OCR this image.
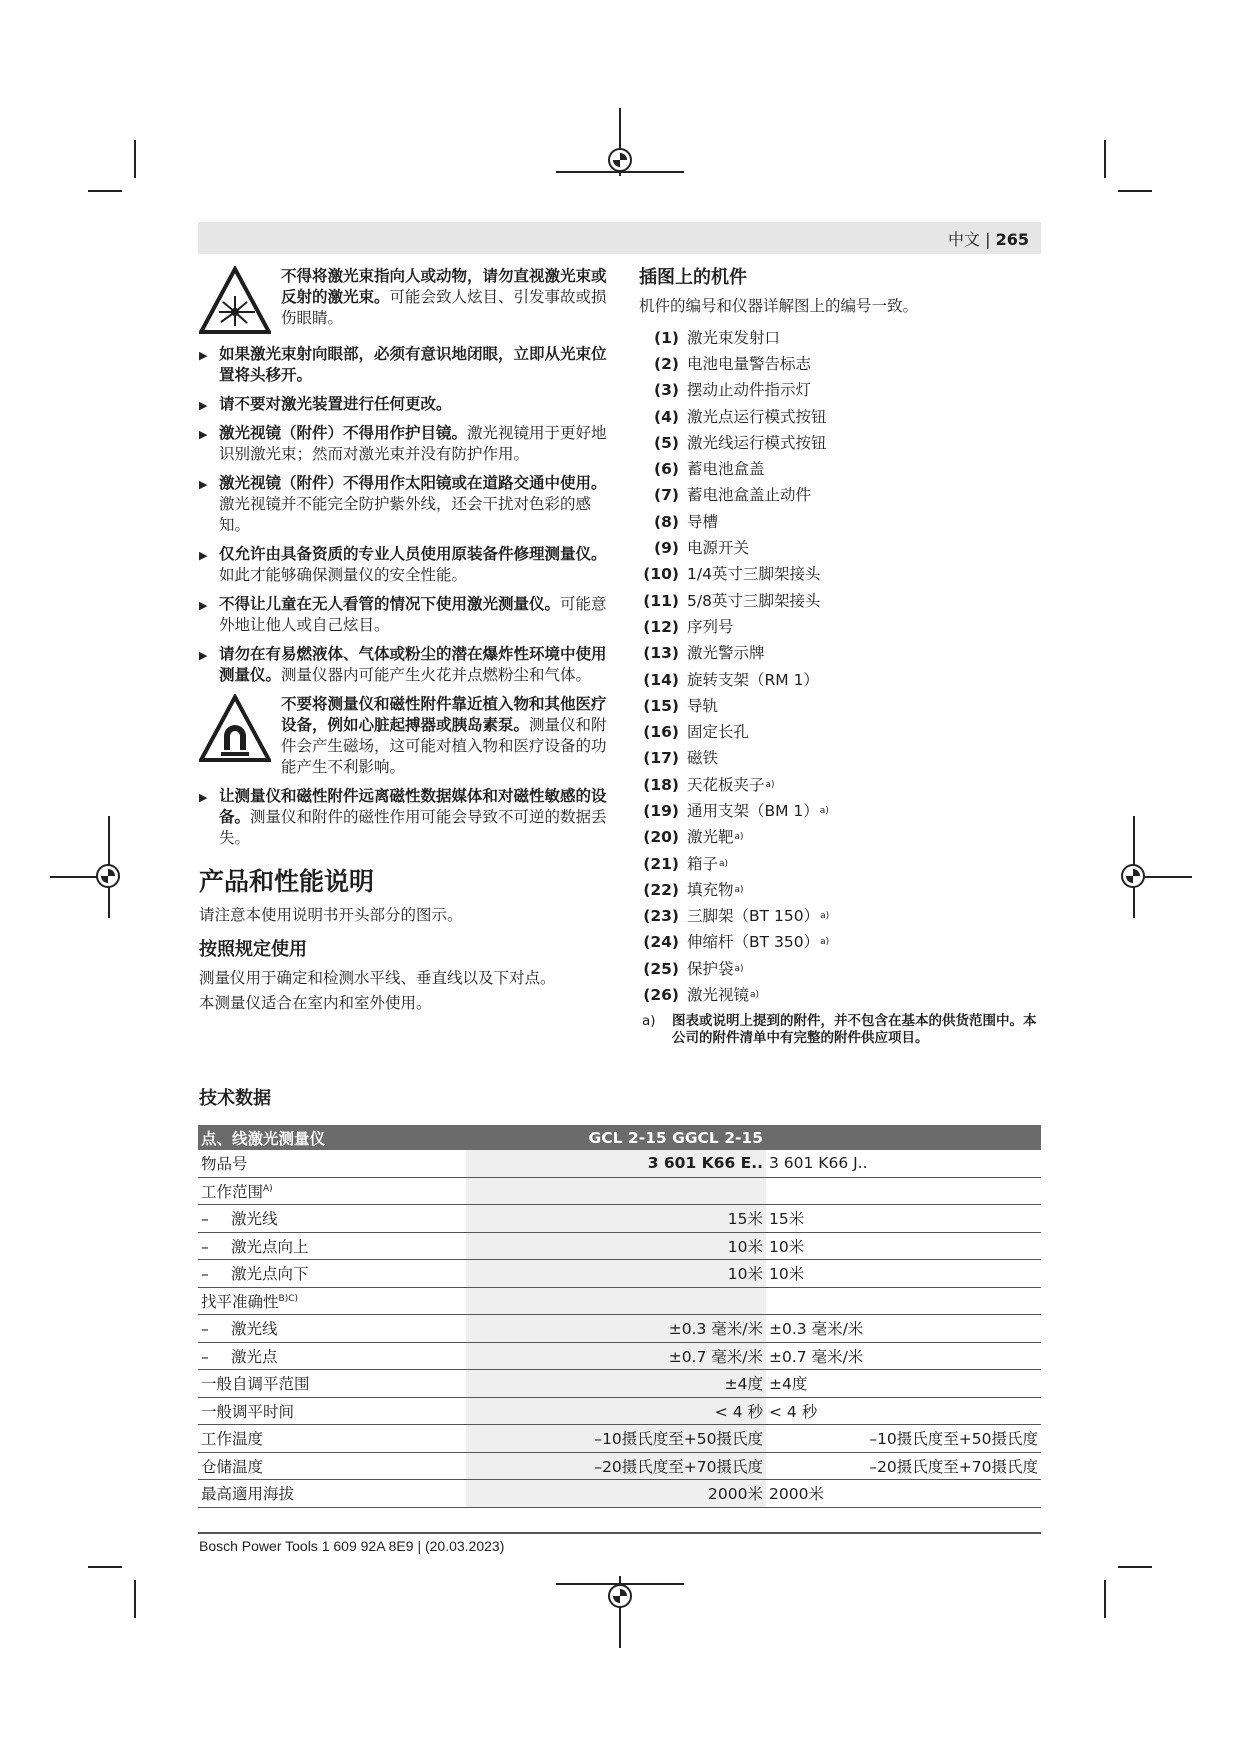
中文 | 265
不得将激光束指向人或动物，请勿直视激光束或反射的激光束。可能会致人炫目、引发事故或损伤眼睛。
▶ 如果激光束射向眼部，必须有意识地闭眼，立即从光束位置将头移开。
▶ 请不要对激光装置进行任何更改。
▶ 激光视镜（附件）不得用作护目镜。激光视镜用于更好地识别激光束；然而对激光束并没有防护作用。
▶ 激光视镜（附件）不得用作太阳镜或在道路交通中使用。激光视镜并不能完全防护紫外线，还会干扰对色彩的感知。
▶ 仅允许由具备资质的专业人员使用原装备件修理测量仪。如此才能够确保测量仪的安全性能。
▶ 不得让儿童在无人看管的情况下使用激光测量仪。可能意外地让他人或自己炫目。
▶ 请勿在有易燃液体、气体或粉尘的潜在爆炸性环境中使用测量仪。测量仪器内可能产生火花并点燃粉尘和气体。
不要将测量仪和磁性附件靠近植入物和其他医疗设备，例如心脏起搏器或胰岛素泵。测量仪和附件会产生磁场，这可能对植入物和医疗设备的功能产生不利影响。
▶ 让测量仪和磁性附件远离磁性数据媒体和对磁性敏感的设备。测量仪和附件的磁性作用可能会导致不可逆的数据丢失。
产品和性能说明

请注意本使用说明书开头部分的图示。

按照规定使用

测量仪用于确定和检测水平线、垂直线以及下对点。

本测量仪适合在室内和室外使用。

插图上的机件

机件的编号和仪器详解图上的编号一致。

(1) 激光束发射口
(2) 电池电量警告标志
(3) 摆动止动件指示灯
(4) 激光点运行模式按钮
(5) 激光线运行模式按钮
(6) 蓄电池盒盖
(7) 蓄电池盒盖止动件
(8) 导槽
(9) 电源开关
(10) 1/4英寸三脚架接头
(11) 5/8英寸三脚架接头
(12) 序列号
(13) 激光警示牌
(14) 旋转支架（RM 1）
(15) 导轨
(16) 固定长孔
(17) 磁铁
(18) 天花板夹子 a)
(19) 通用支架（BM 1） a)
(20) 激光靶 a)
(21) 箱子 a)
(22) 填充物 a)
(23) 三脚架（BT 150） a)
(24) 伸缩杆（BT 350） a)
(25) 保护袋 a)
(26) 激光视镜 a)
a)	图表或说明上提到的附件，并不包含在基本的供货范围中。本公司的附件清单中有完整的附件供应项目。
技术数据
点、线激光测量仪	GCL 2-15
GCL 2-15 G	

物品号	3 601 K66 E..	3 601 K66 J..
工作范围$^{A)}$		
– 激光线	15米	15米
– 激光点向上	10米	10米
– 激光点向下	10米	10米
找平准确性$^{B)C)}$		
– 激光线	±0.3 毫米/米	±0.3 毫米/米
– 激光点	±0.7 毫米/米	±0.7 毫米/米
一般自调平范围	±4度	±4度
一般调平时间	< 4 秒	< 4 秒
工作温度	–10摄氏度至+50摄氏度	–10摄氏度至+50摄氏度
仓储温度	–20摄氏度至+70摄氏度	–20摄氏度至+70摄氏度
最高適用海拔	2000米	2000米
Bosch Power Tools 1 609 92A 8E9 | (20.03.2023)
